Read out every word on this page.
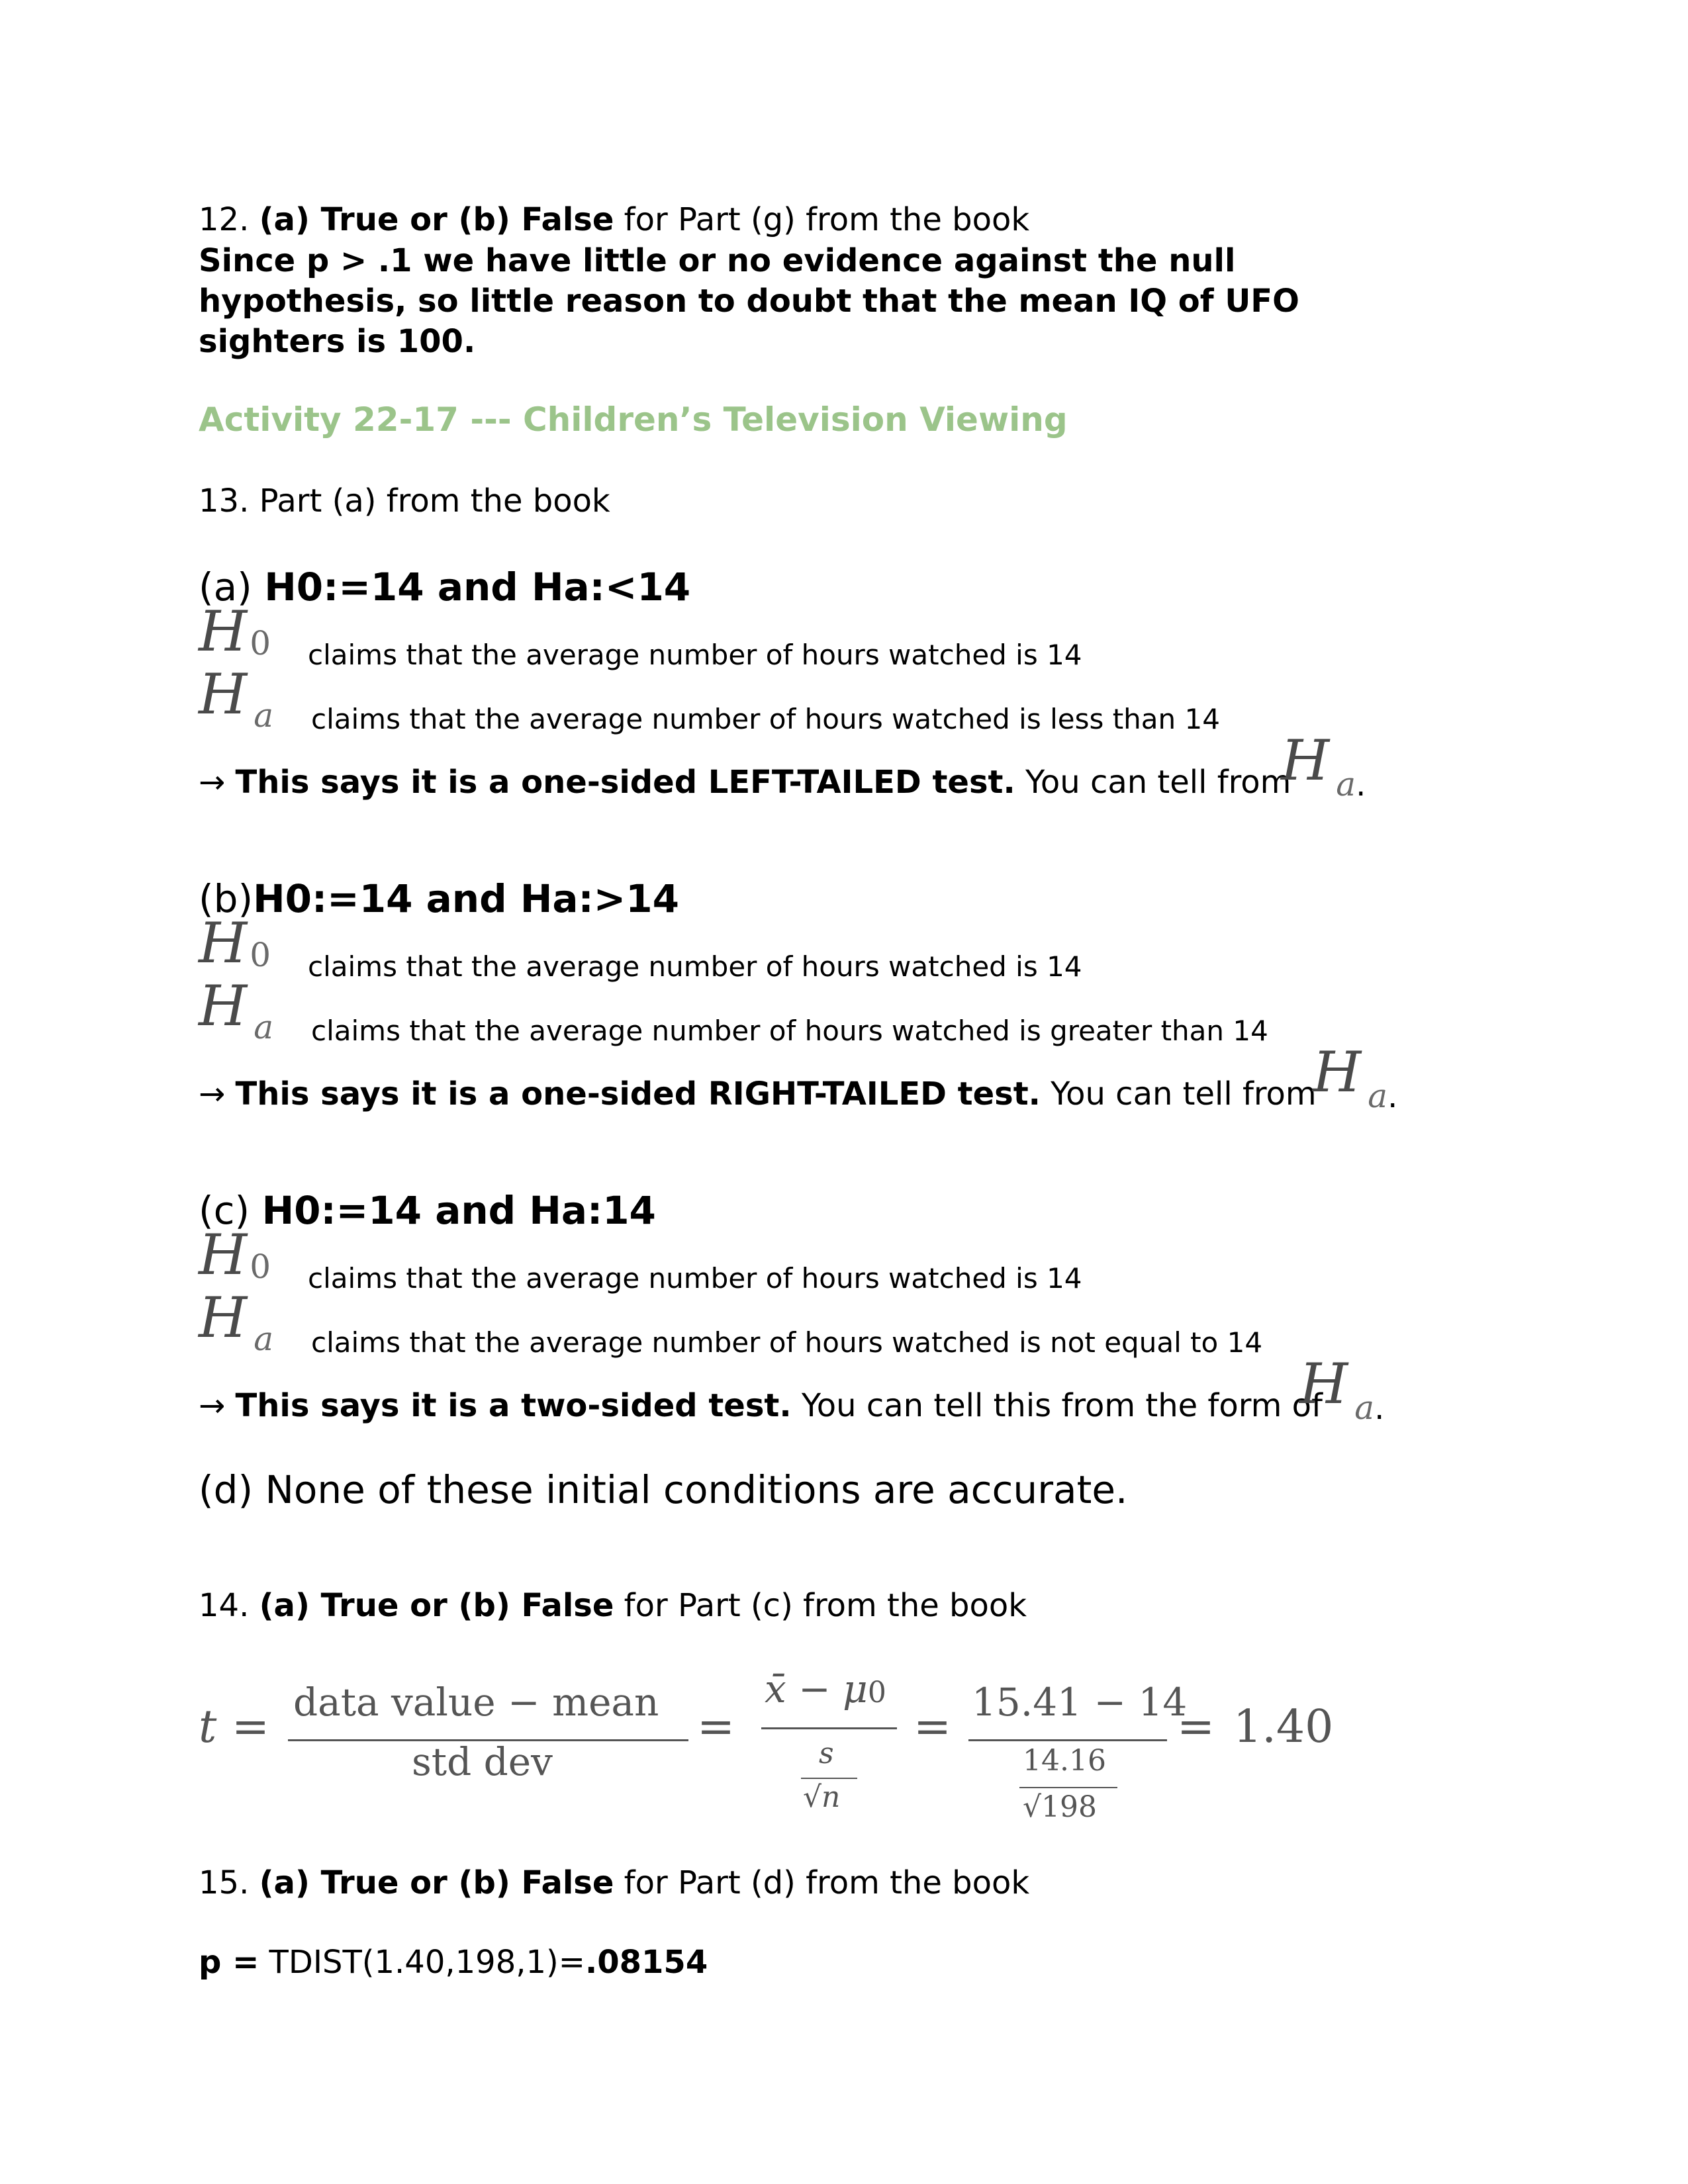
12. (a) True or (b) False for Part (g) from the book
Since p > .1 we have little or no evidence against the null
hypothesis, so little reason to doubt that the mean IQ of UFO
sighters is 100.
Activity 22-17 --- Children’s Television Viewing
13. Part (a) from the book
(a) H0:=14 and Ha:<14
H0 claims that the average number of hours watched is 14
Ha claims that the average number of hours watched is less than 14
→ This says it is a one-sided LEFT-TAILED test. You can tell from
Ha.
(b)H0:=14 and Ha:>14
H0 claims that the average number of hours watched is 14
Ha claims that the average number of hours watched is greater than 14
→ This says it is a one-sided RIGHT-TAILED test. You can tell from
Ha.
(c) H0:=14 and Ha:14
H0 claims that the average number of hours watched is 14
Ha claims that the average number of hours watched is not equal to 14
→ This says it is a two-sided test. You can tell this from the form of
Ha.
(d) None of these initial conditions are accurate.
14. (a) True or (b) False for Part (c) from the book
t = data value − mean
std dev
=
x̄ − μ0
s
√n
= 15.41 − 14
14.16
√198
= 1.40
15. (a) True or (b) False for Part (d) from the book
p = TDIST(1.40,198,1)=.08154
